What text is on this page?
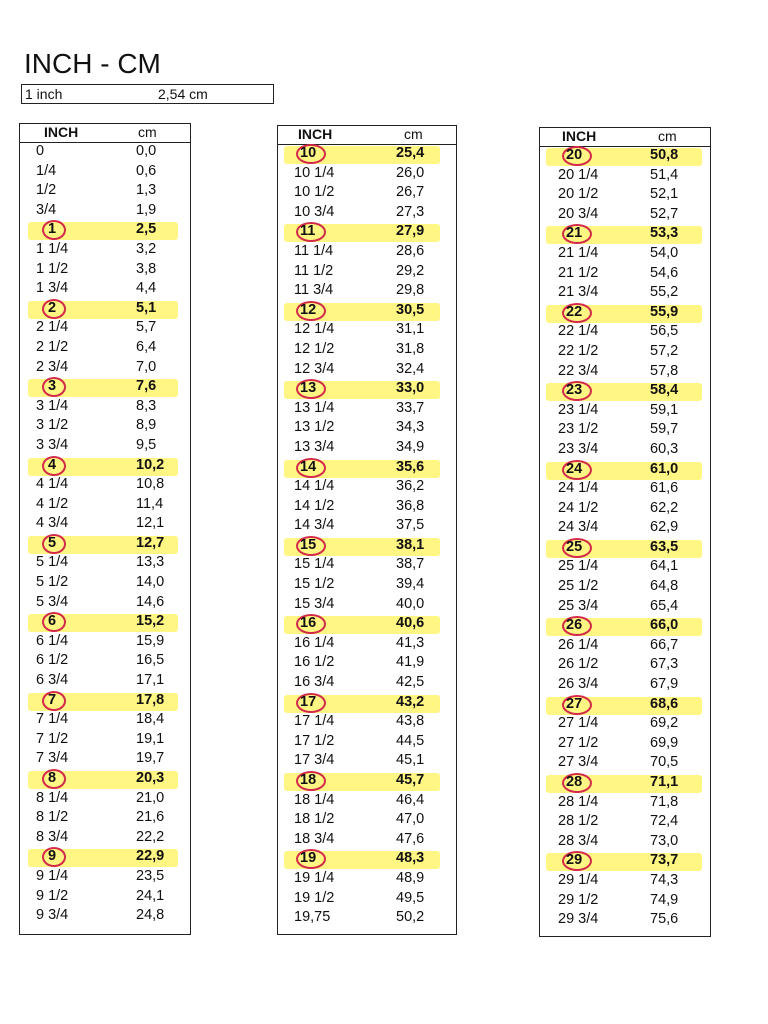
INCH - CM
1 inch	2,54 cm
INCH	cm
0	0,0
1/4	0,6
1/2	1,3
3/4	1,9
1	2,5
1 1/4	3,2
1 1/2	3,8
1 3/4	4,4
2	5,1
2 1/4	5,7
2 1/2	6,4
2 3/4	7,0
3	7,6
3 1/4	8,3
3 1/2	8,9
3 3/4	9,5
4	10,2
4 1/4	10,8
4 1/2	11,4
4 3/4	12,1
5	12,7
5 1/4	13,3
5 1/2	14,0
5 3/4	14,6
6	15,2
6 1/4	15,9
6 1/2	16,5
6 3/4	17,1
7	17,8
7 1/4	18,4
7 1/2	19,1
7 3/4	19,7
8	20,3
8 1/4	21,0
8 1/2	21,6
8 3/4	22,2
9	22,9
9 1/4	23,5
9 1/2	24,1
9 3/4	24,8
INCH	cm
10	25,4
10 1/4	26,0
10 1/2	26,7
10 3/4	27,3
11	27,9
11 1/4	28,6
11 1/2	29,2
11 3/4	29,8
12	30,5
12 1/4	31,1
12 1/2	31,8
12 3/4	32,4
13	33,0
13 1/4	33,7
13 1/2	34,3
13 3/4	34,9
14	35,6
14 1/4	36,2
14 1/2	36,8
14 3/4	37,5
15	38,1
15 1/4	38,7
15 1/2	39,4
15 3/4	40,0
16	40,6
16 1/4	41,3
16 1/2	41,9
16 3/4	42,5
17	43,2
17 1/4	43,8
17 1/2	44,5
17 3/4	45,1
18	45,7
18 1/4	46,4
18 1/2	47,0
18 3/4	47,6
19	48,3
19 1/4	48,9
19 1/2	49,5
19,75	50,2
INCH	cm
20	50,8
20 1/4	51,4
20 1/2	52,1
20 3/4	52,7
21	53,3
21 1/4	54,0
21 1/2	54,6
21 3/4	55,2
22	55,9
22 1/4	56,5
22 1/2	57,2
22 3/4	57,8
23	58,4
23 1/4	59,1
23 1/2	59,7
23 3/4	60,3
24	61,0
24 1/4	61,6
24 1/2	62,2
24 3/4	62,9
25	63,5
25 1/4	64,1
25 1/2	64,8
25 3/4	65,4
26	66,0
26 1/4	66,7
26 1/2	67,3
26 3/4	67,9
27	68,6
27 1/4	69,2
27 1/2	69,9
27 3/4	70,5
28	71,1
28 1/4	71,8
28 1/2	72,4
28 3/4	73,0
29	73,7
29 1/4	74,3
29 1/2	74,9
29 3/4	75,6
